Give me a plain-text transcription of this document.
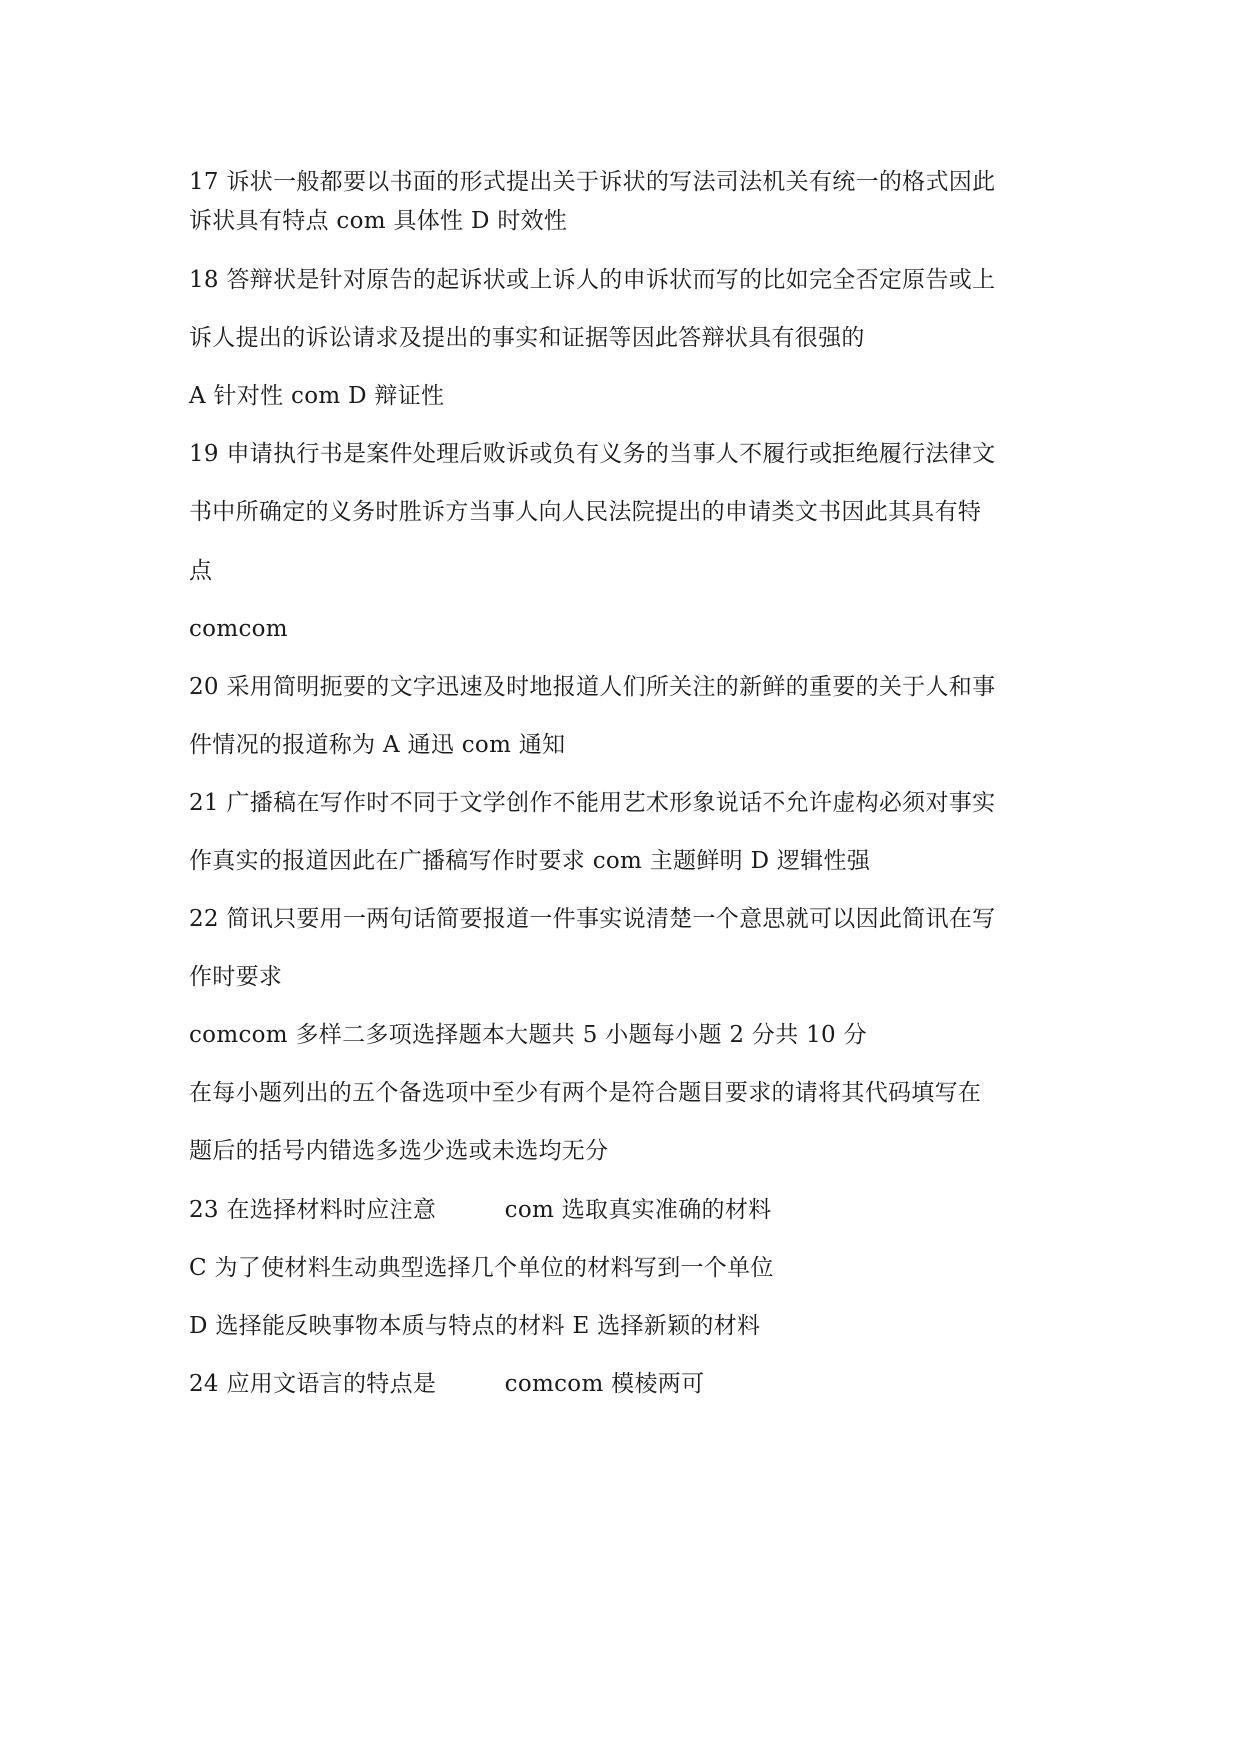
17 诉状一般都要以书面的形式提出关于诉状的写法司法机关有统一的格式因此
诉状具有特点 com 具体性 D 时效性
18 答辩状是针对原告的起诉状或上诉人的申诉状而写的比如完全否定原告或上
诉人提出的诉讼请求及提出的事实和证据等因此答辩状具有很强的
A 针对性 com D 辩证性
19 申请执行书是案件处理后败诉或负有义务的当事人不履行或拒绝履行法律文
书中所确定的义务时胜诉方当事人向人民法院提出的申请类文书因此其具有特
点
comcom
20 采用简明扼要的文字迅速及时地报道人们所关注的新鲜的重要的关于人和事
件情况的报道称为 A 通迅 com 通知
21 广播稿在写作时不同于文学创作不能用艺术形象说话不允许虚构必须对事实
作真实的报道因此在广播稿写作时要求 com 主题鲜明 D 逻辑性强
22 简讯只要用一两句话简要报道一件事实说清楚一个意思就可以因此简讯在写
作时要求
comcom 多样二多项选择题本大题共 5 小题每小题 2 分共 10 分
在每小题列出的五个备选项中至少有两个是符合题目要求的请将其代码填写在
题后的括号内错选多选少选或未选均无分
23 在选择材料时应注意         com 选取真实准确的材料
C 为了使材料生动典型选择几个单位的材料写到一个单位
D 选择能反映事物本质与特点的材料 E 选择新颖的材料
24 应用文语言的特点是         comcom 模棱两可
